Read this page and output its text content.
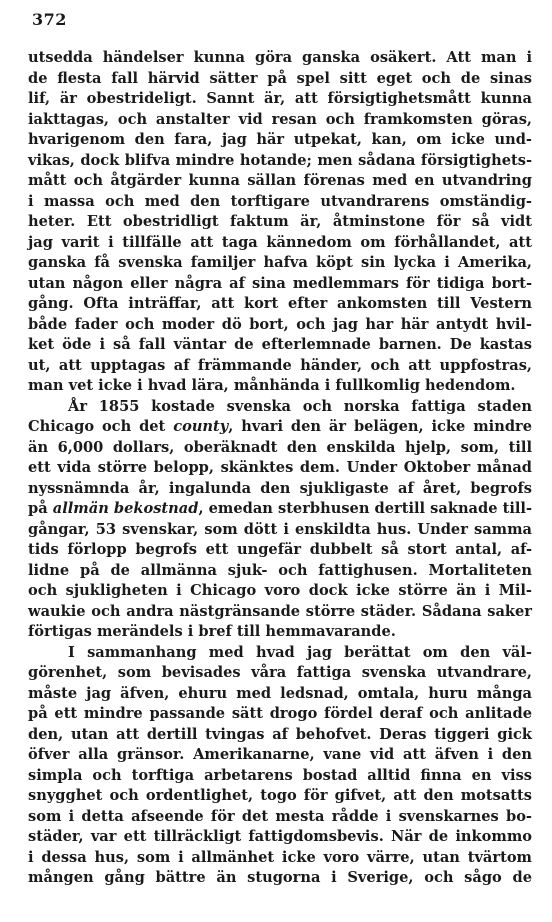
372
utsedda händelser kunna göra ganska osäkert. Att man i
de flesta fall härvid sätter på spel sitt eget och de sinas
lif, är obestrideligt. Sannt är, att försigtighetsmått kunna
iakttagas, och anstalter vid resan och framkomsten göras,
hvarigenom den fara, jag här utpekat, kan, om icke und-
vikas, dock blifva mindre hotande; men sådana försigtighets-
mått och åtgärder kunna sällan förenas med en utvandring
i massa och med den torftigare utvandrarens omständig-
heter. Ett obestridligt faktum är, åtminstone för så vidt
jag varit i tillfälle att taga kännedom om förhållandet, att
ganska få svenska familjer hafva köpt sin lycka i Amerika,
utan någon eller några af sina medlemmars för tidiga bort-
gång. Ofta inträffar, att kort efter ankomsten till Vestern
både fader och moder dö bort, och jag har här antydt hvil-
ket öde i så fall väntar de efterlemnade barnen. De kastas
ut, att upptagas af främmande händer, och att uppfostras,
man vet icke i hvad lära, månhända i fullkomlig hedendom.
År 1855 kostade svenska och norska fattiga staden
Chicago och det county, hvari den är belägen, icke mindre
än 6,000 dollars, oberäknadt den enskilda hjelp, som, till
ett vida större belopp, skänktes dem. Under Oktober månad
nyssnämnda år, ingalunda den sjukligaste af året, begrofs
på allmän bekostnad, emedan sterbhusen dertill saknade till-
gångar, 53 svenskar, som dött i enskildta hus. Under samma
tids förlopp begrofs ett ungefär dubbelt så stort antal, af-
lidne på de allmänna sjuk- och fattighusen. Mortaliteten
och sjukligheten i Chicago voro dock icke större än i Mil-
waukie och andra nästgränsande större städer. Sådana saker
förtigas merändels i bref till hemmavarande.
I sammanhang med hvad jag berättat om den väl-
görenhet, som bevisades våra fattiga svenska utvandrare,
måste jag äfven, ehuru med ledsnad, omtala, huru många
på ett mindre passande sätt drogo fördel deraf och anlitade
den, utan att dertill tvingas af behofvet. Deras tiggeri gick
öfver alla gränsor. Amerikanarne, vane vid att äfven i den
simpla och torftiga arbetarens bostad alltid finna en viss
snygghet och ordentlighet, togo för gifvet, att den motsatts
som i detta afseende för det mesta rådde i svenskarnes bo-
städer, var ett tillräckligt fattigdomsbevis. När de inkommo
i dessa hus, som i allmänhet icke voro värre, utan tvärtom
mången gång bättre än stugorna i Sverige, och sågo de
